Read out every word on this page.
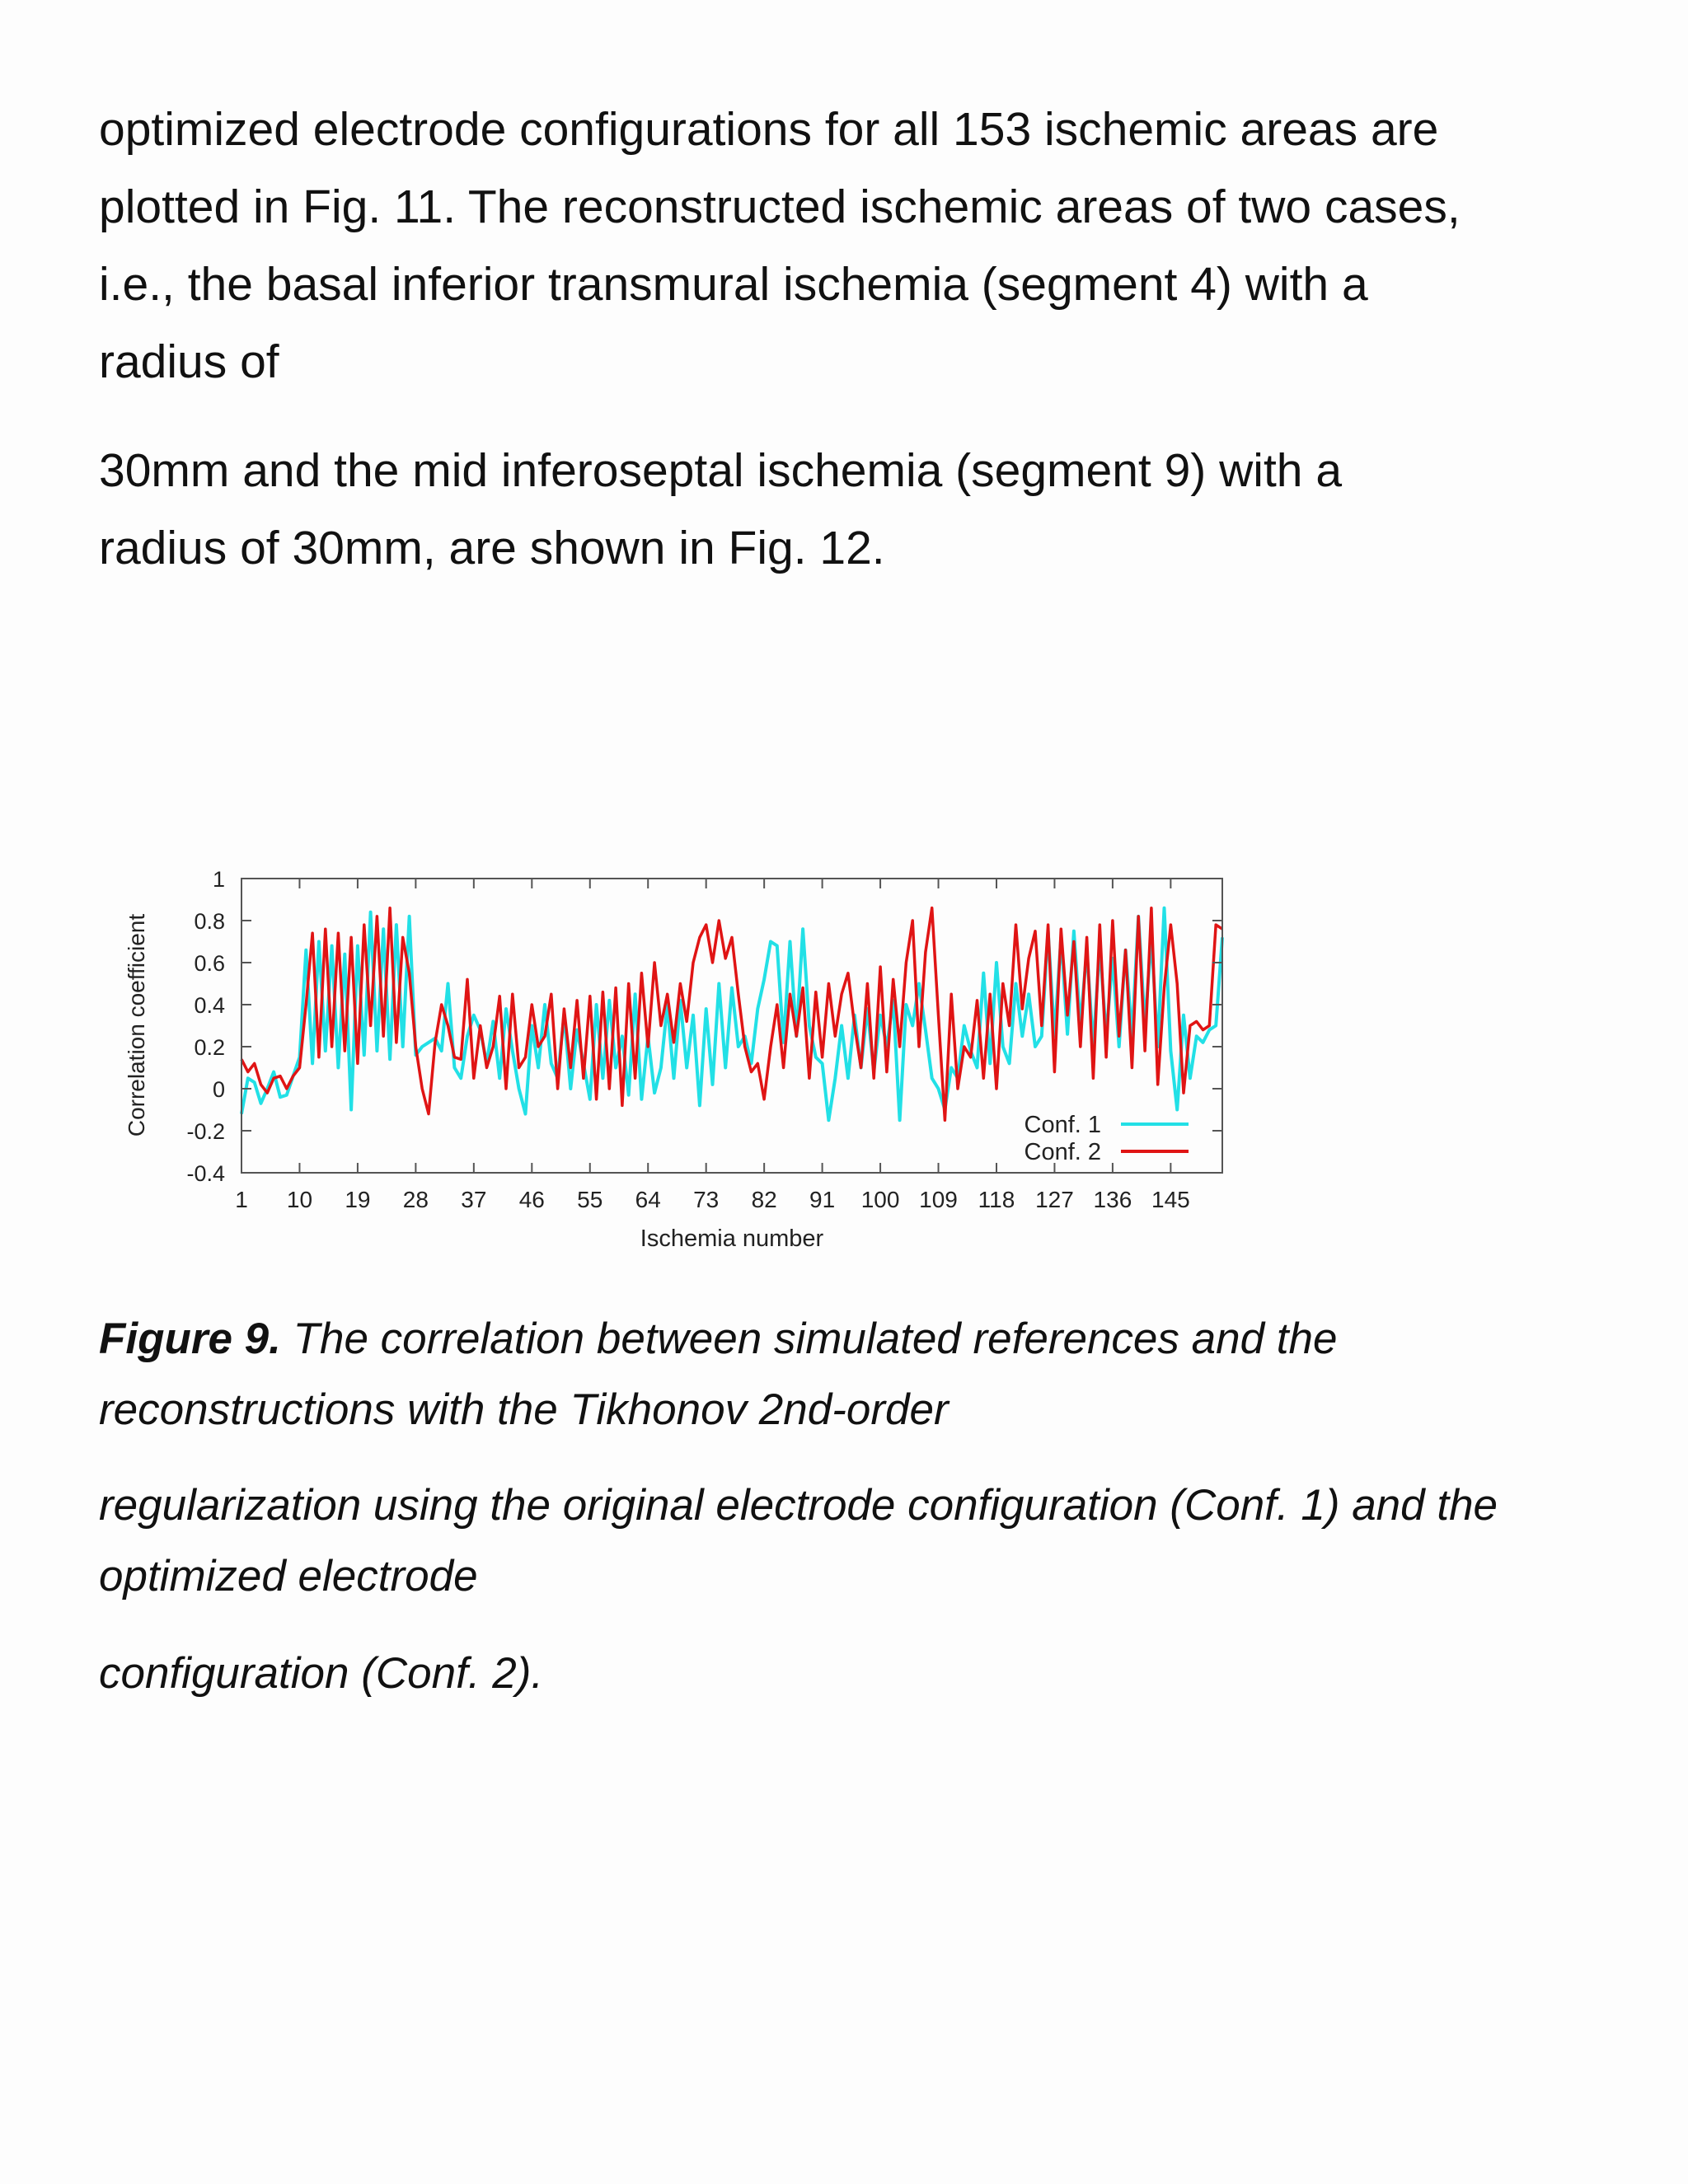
optimized electrode configurations for all 153 ischemic areas are
plotted in Fig. 11. The reconstructed ischemic areas of two cases,
i.e., the basal inferior transmural ischemia (segment 4) with a
radius of

30mm and the mid inferoseptal ischemia (segment 9) with a
radius of 30mm, are shown in Fig. 12.

-0.4
-0.2
0
0.2
0.4
0.6
0.8
1
1 10 19 28 37 46 55 64 73 82 91 100 109 118 127 136 145
Correlation coefficient
Ischemia number
Conf. 1
Conf. 2
Figure 9. The correlation between simulated references and the
reconstructions with the Tikhonov 2nd-order
regularization using the original electrode configuration (Conf. 1) and the
optimized electrode
configuration (Conf. 2).
